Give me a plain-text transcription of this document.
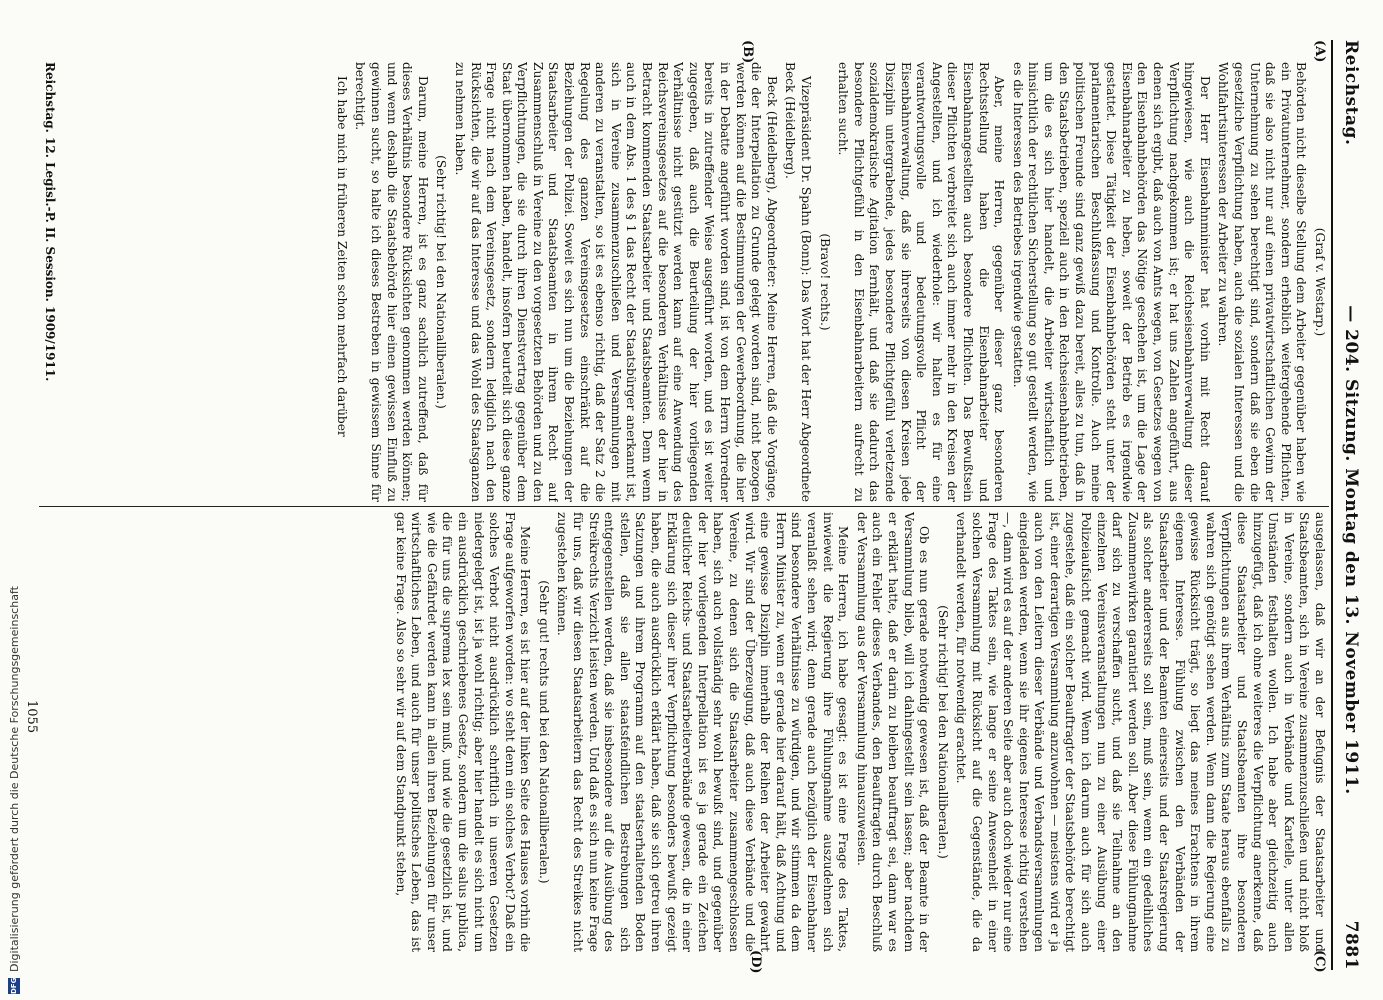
Reichstag.
— 204. Sitzung. Montag den 13. November 1911.
7881
(A)
(B)
(C)
(D)

(Graf v. Westarp.)

Behörden nicht dieselbe Stellung dem Arbeiter gegenüber haben wie ein Privatunternehmer, sondern erheblich weitergehende Pflichten, daß sie also nicht nur auf einen privatwirtschaftlichen Gewinn der Unternehmung zu sehen berechtigt sind, sondern daß sie eben die gesetzliche Verpflichtung haben, auch die sozialen Interessen und die Wohlfahrtsinteressen der Arbeiter zu wahren.

Der Herr Eisenbahnminister hat vorhin mit Recht darauf hingewiesen, wie auch die Reichseisenbahnverwaltung dieser Verpflichtung nachgekommen ist; er hat uns Zahlen angeführt, aus denen sich ergibt, daß auch von Amts wegen, von Gesetzes wegen von den Eisenbahnbehörden das Nötige geschehen ist, um die Lage der Eisenbahnarbeiter zu heben, soweit der Betrieb es irgendwie gestattet. Diese Tätigkeit der Eisenbahnbehörden steht unter der parlamentarischen Beschlußfassung und Kontrolle. Auch meine politischen Freunde sind ganz gewiß dazu bereit, alles zu tun, daß in den Staatsbetrieben, speziell auch in den Reichseisenbahnbetrieben, um die es sich hier handelt, die Arbeiter wirtschaftlich und hinsichtlich der rechtlichen Sicherstellung so gut gestellt werden, wie es die Interessen des Betriebes irgendwie gestatten.

Aber, meine Herren, gegenüber dieser ganz besonderen Rechtsstellung haben die Eisenbahnarbeiter und Eisenbahnangestellten auch besondere Pflichten. Das Bewußtsein dieser Pflichten verbreitet sich auch immer mehr in den Kreisen der Angestellten, und ich wiederhole: wir halten es für eine verantwortungsvolle und bedeutungsvolle Pflicht der Eisenbahnverwaltung, daß sie ihrerseits von diesen Kreisen jede Disziplin untergrabende, jedes besondere Pflichtgefühl verletzende sozialdemokratische Agitation fernhält, und daß sie dadurch das besondere Pflichtgefühl in den Eisenbahnarbeitern aufrecht zu erhalten sucht.

(Bravo! rechts.)

Vizepräsident Dr. Spahn (Bonn): Das Wort hat der Herr Abgeordnete Beck (Heidelberg).

Beck (Heidelberg), Abgeordneter: Meine Herren, daß die Vorgänge, die der Interpellation zu Grunde gelegt worden sind, nicht bezogen werden können auf die Bestimmungen der Gewerbeordnung, die hier in der Debatte angeführt worden sind, ist von dem Herrn Vorredner bereits in zutreffender Weise ausgeführt worden, und es ist weiter zugegeben, daß auch die Beurteilung der hier vorliegenden Verhältnisse nicht gestützt werden kann auf eine Anwendung des Reichsvereinsgesetzes auf die besonderen Verhältnisse der hier in Betracht kommenden Staatsarbeiter und Staatsbeamten. Denn wenn auch in dem Abs. 1 des § 1 das Recht der Staatsbürger anerkannt ist, sich in Vereine zusammenzuschließen und Versammlungen mit anderen zu veranstalten, so ist es ebenso richtig, daß der Satz 2 die Regelung des ganzen Vereinsgesetzes einschränkt auf die Beziehungen der Polizei. Soweit es sich nun um die Beziehungen der Staatsarbeiter und Staatsbeamten in ihrem Recht auf Zusammenschluß in Vereine zu den vorgesetzten Behörden und zu den Verpflichtungen, die sie durch ihren Dienstvertrag gegenüber dem Staat übernommen haben, handelt, insofern beurteilt sich diese ganze Frage nicht nach dem Vereinsgesetz, sondern lediglich nach den Rücksichten, die wir auf das Interesse und das Wohl des Staatsganzen zu nehmen haben.

(Sehr richtig! bei den Nationalliberalen.)

Darum, meine Herren, ist es ganz sachlich zutreffend, daß für dieses Verhältnis besondere Rücksichten genommen werden können; und wenn deshalb die Staatsbehörde hier einen gewissen Einfluß zu gewinnen sucht, so halte ich dieses Bestreben in gewissem Sinne für berechtigt.

Ich habe mich in früheren Zeiten schon mehrfach darüber

ausgelassen, daß wir an der Befugnis der Staatsarbeiter und Staatsbeamten, sich in Vereine zusammenzuschließen und nicht bloß in Vereine, sondern auch in Verbände und Kartelle, unter allen Umständen festhalten wollen. Ich habe aber gleichzeitig auch hinzugefügt, daß ich ohne weiteres die Verpflichtung anerkenne, daß diese Staatsarbeiter und Staatsbeamten ihre besonderen Verpflichtungen aus ihrem Verhältnis zum Staate heraus ebenfalls zu wahren sich genötigt sehen werden. Wenn dann die Regierung eine gewisse Rücksicht trägt, so liegt das meines Erachtens in ihrem eigenen Interesse. Fühlung zwischen den Verbänden der Staatsarbeiter und der Beamten einerseits und der Staatsregierung als solcher andererseits soll sein, muß sein, wenn ein gedeihliches Zusammenwirken garantiert werden soll. Aber diese Fühlungnahme darf sich zu verschaffen sucht, und daß sie Teilnahme an den einzelnen Vereinsveranstaltungen nun zu einer Ausübung einer Polizeiaufsicht gemacht wird. Wenn ich darum auch für sich auch zugestehe, daß ein solcher Beauftragter der Staatsbehörde berechtigt ist, einer derartigen Versammlung anzuwohnen — meistens wird er ja auch von den Leitern dieser Verbände und Verbandsversammlungen eingeladen werden, wenn sie ihr eigenes Interesse richtig verstehen —, dann wird es auf der anderen Seite aber auch doch wieder nur eine Frage des Taktes sein, wie lange er seine Anwesenheit in einer solchen Versammlung mit Rücksicht auf die Gegenstände, die da verhandelt werden, für notwendig erachtet.

(Sehr richtig! bei den Nationalliberalen.)

Ob es nun gerade notwendig gewesen ist, daß der Beamte in der Versammlung blieb, will ich dahingestellt sein lassen; aber nachdem er erklärt hatte, daß er darin zu bleiben beauftragt sei, dann war es auch ein Fehler dieses Verbandes, den Beauftragten durch Beschluß der Versammlung aus der Versammlung hinauszuweisen.

Meine Herren, ich habe gesagt: es ist eine Frage des Taktes, inwieweit die Regierung ihre Fühlungnahme auszudehnen sich veranlaßt sehen wird; denn gerade auch bezüglich der Eisenbahner sind besondere Verhältnisse zu würdigen, und wir stimmen da dem Herrn Minister zu, wenn er gerade hier darauf hält, daß Achtung und eine gewisse Disziplin innerhalb der Reihen der Arbeiter gewahrt wird. Wir sind der Überzeugung, daß auch diese Verbände und die Vereine, zu denen sich die Staatsarbeiter zusammengeschlossen haben, sich auch vollständig sehr wohl bewußt sind, und gegenüber der hier vorliegenden Interpellation ist es ja gerade ein Zeichen deutlicher Reichs- und Staatsarbeiterverbände gewesen, die in einer Erklärung sich dieser ihrer Verpflichtung besonders bewußt gezeigt haben, die auch ausdrücklich erklärt haben, daß sie sich getreu ihren Satzungen und ihrem Programm auf den staatserhaltenden Boden stellen, daß sie allen staatsfeindlichen Bestrebungen sich entgegenstellen werden, daß sie insbesondere auf die Ausübung des Streikrechts Verzicht leisten werden. Und daß es sich nun keine Frage für uns, daß wir diesen Staatsarbeitern das Recht des Streikes nicht zugestehen können.

(Sehr gut! rechts und bei den Nationalliberalen.)

Meine Herren, es ist hier auf der linken Seite des Hauses vorhin die Frage aufgeworfen worden: wo steht denn ein solches Verbot? Daß ein solches Verbot nicht ausdrücklich schriftlich in unseren Gesetzen niedergelegt ist, ist ja wohl richtig; aber hier handelt es sich nicht um ein ausdrücklich geschriebenes Gesetz, sondern um die salus publica, die für uns die suprema lex sein muß, und wie die gesetzlich ist, und wie die Gefährdet werden kann in allen ihren Beziehungen für unser wirtschaftliches Leben, und auch für unser politisches Leben, das ist gar keine Frage. Also so sehr wir auf dem Standpunkt stehen,

Reichstag. 12. Legisl.-P. II. Session. 1909/1911.
1055
DFG
Digitalisierung gefördert durch die Deutsche Forschungsgemeinschaft
